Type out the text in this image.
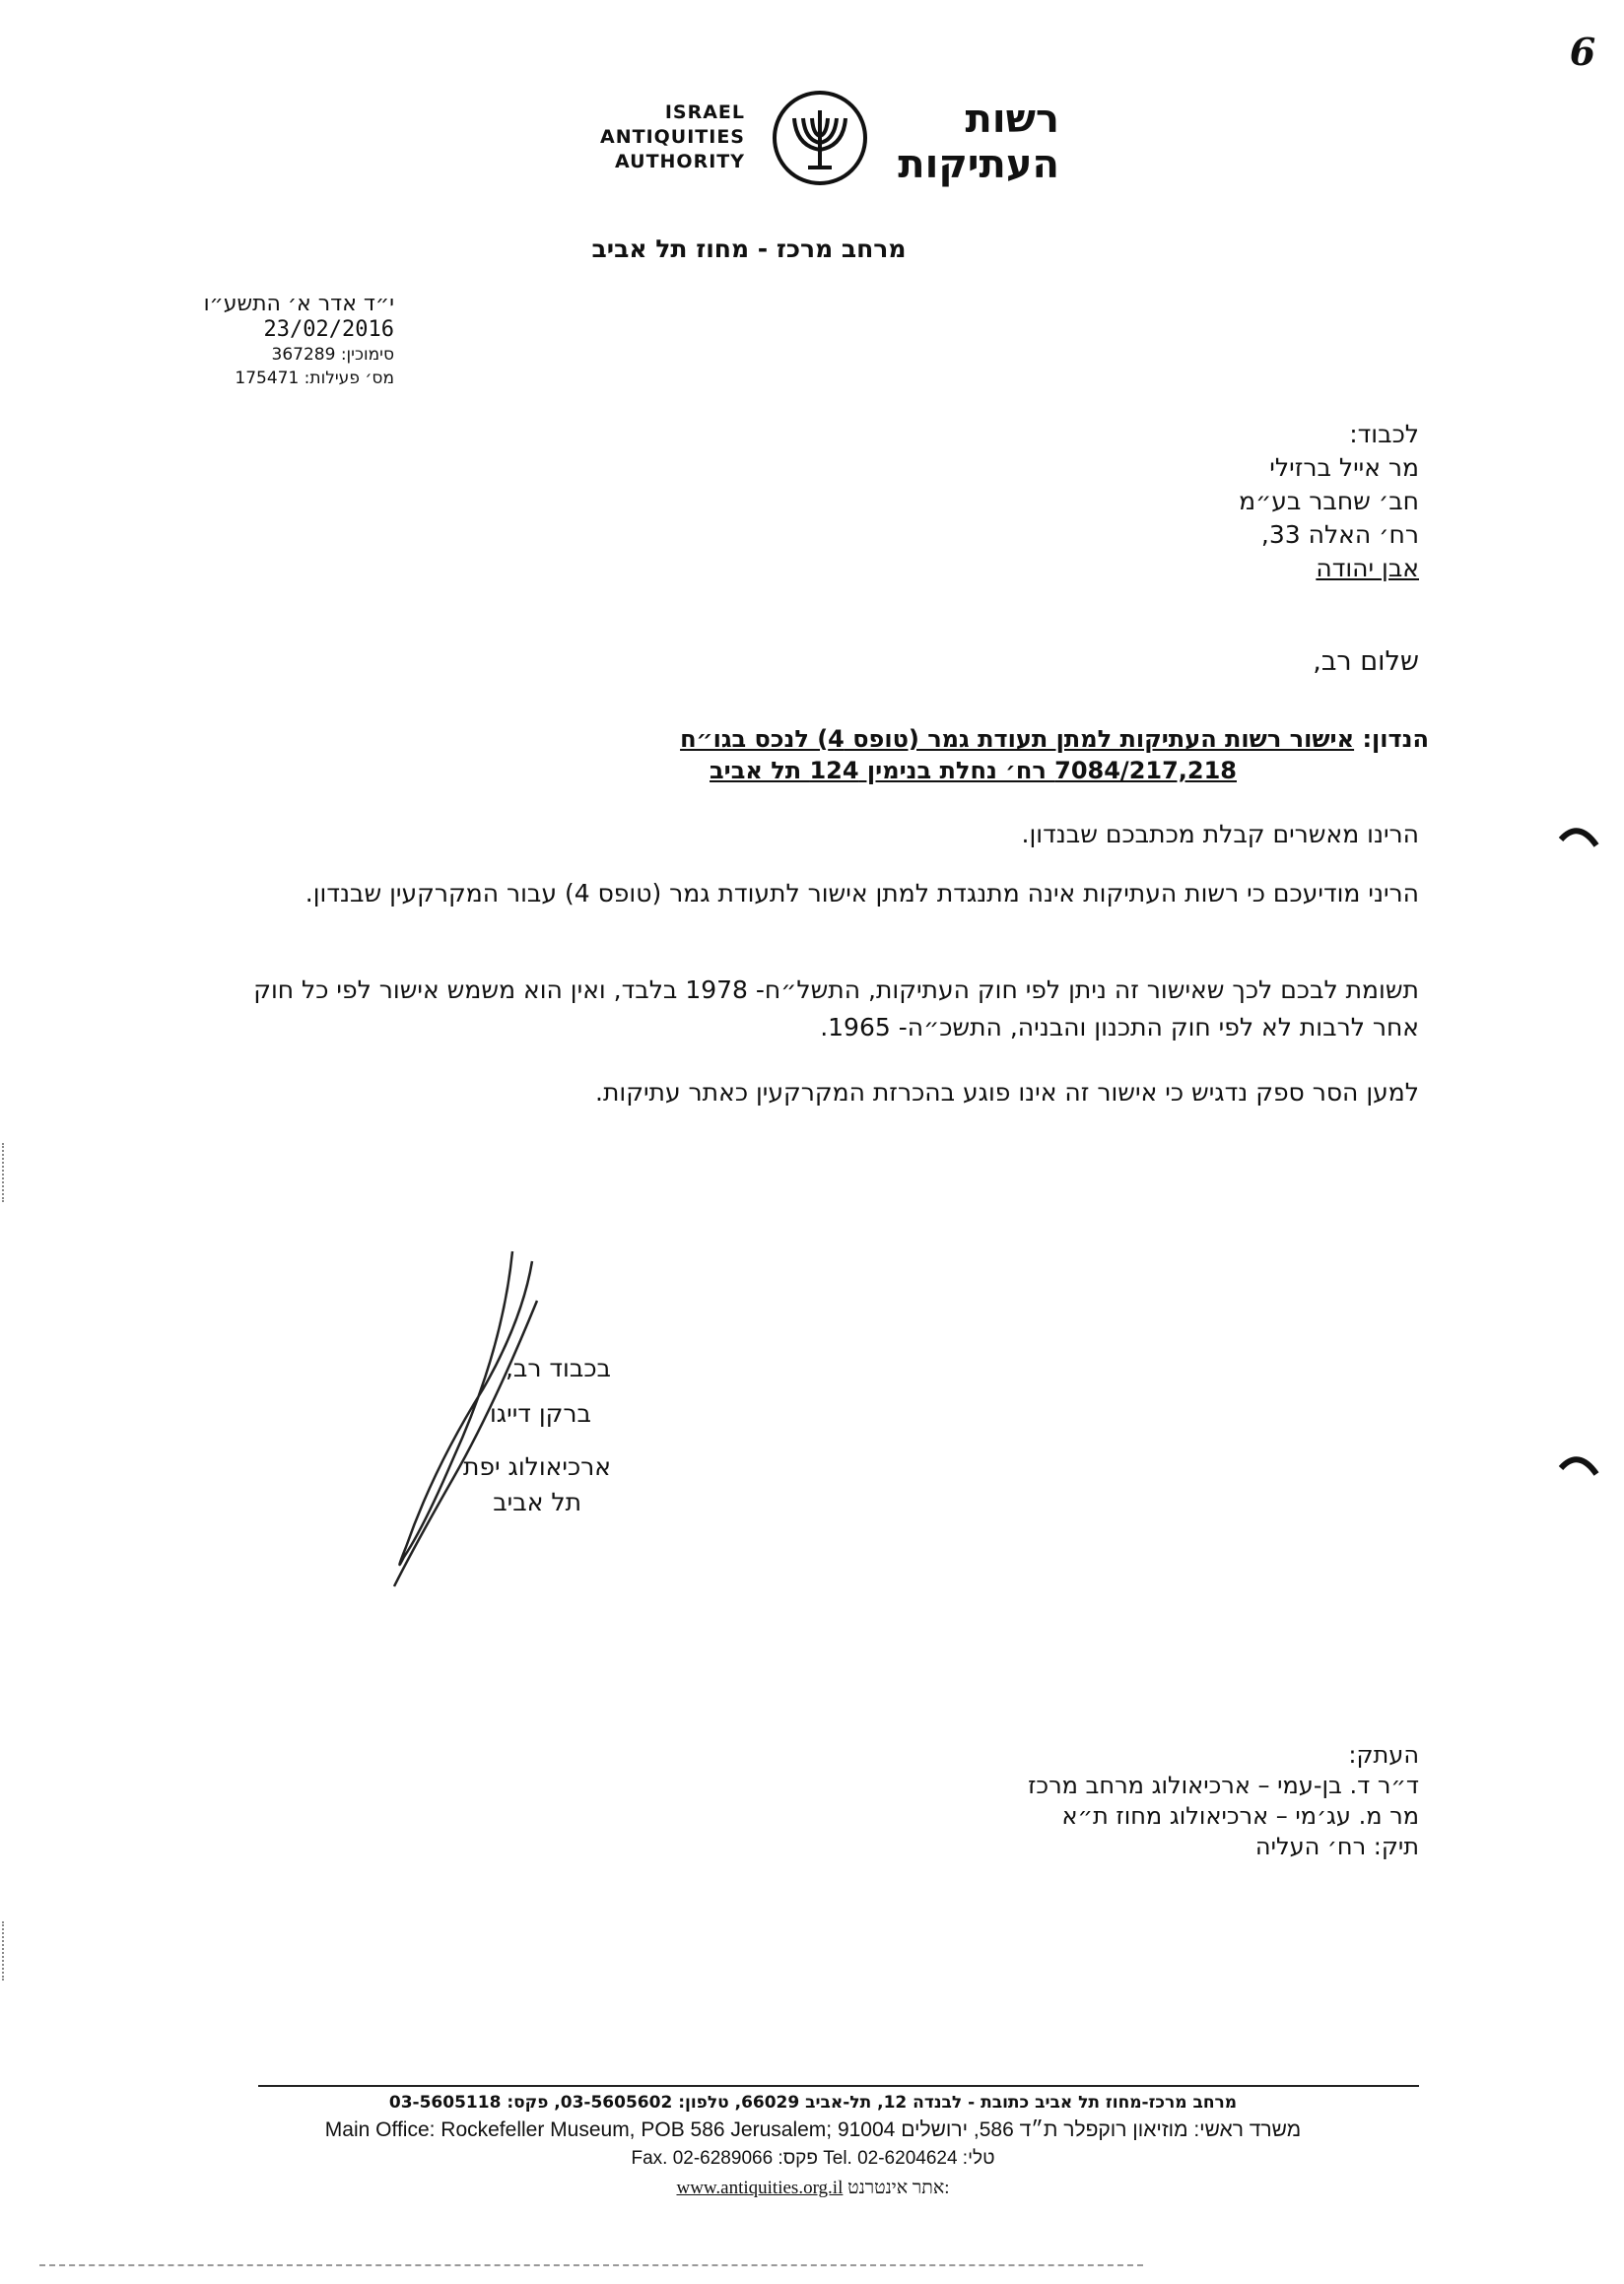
6
ISRAEL
ANTIQUITIES
AUTHORITY
רשות
העתיקות
מרחב מרכז - מחוז תל אביב
י״ד אדר א׳ התשע״ו
23/02/2016
סימוכין: 367289
מס׳ פעילות: 175471
לכבוד:
מר אייל ברזילי
חב׳ שחבר בע״מ
רח׳ האלה 33,
אבן יהודה
שלום רב,
הנדון: אישור רשות העתיקות למתן תעודת גמר (טופס 4) לנכס בגו״ח
7084/217,218 רח׳ נחלת בנימין 124 תל אביב
הרינו מאשרים קבלת מכתבכם שבנדון.
הריני מודיעכם כי רשות העתיקות אינה מתנגדת למתן אישור לתעודת גמר (טופס 4) עבור המקרקעין שבנדון.
תשומת לבכם לכך שאישור זה ניתן לפי חוק העתיקות, התשל״ח- 1978 בלבד, ואין הוא משמש אישור לפי כל חוק אחר לרבות לא לפי חוק התכנון והבניה, התשכ״ה- 1965.
למען הסר ספק נדגיש כי אישור זה אינו פוגע בהכרזת המקרקעין כאתר עתיקות.
בכבוד רב,
ברקן דייגו
ארכיאולוג יפת
תל אביב
העתק:
ד״ר ד. בן-עמי – ארכיאולוג מרחב מרכז
מר מ. עג׳מי – ארכיאולוג מחוז ת״א
תיק: רח׳ העליה
מרחב מרכז-מחוז תל אביב כתובת - לבנדה 12, תל-אביב 66029, טלפון: 03-5605602, פקס: 03-5605118
Main Office: Rockefeller Museum, POB 586 Jerusalem; 91004 משרד ראשי: מוזיאון רוקפלר ת״ד 586, ירושלים
Fax. 02-6289066 :פקס Tel. 02-6204624 :טלי
www.antiquities.org.il אתר אינטרנט:
